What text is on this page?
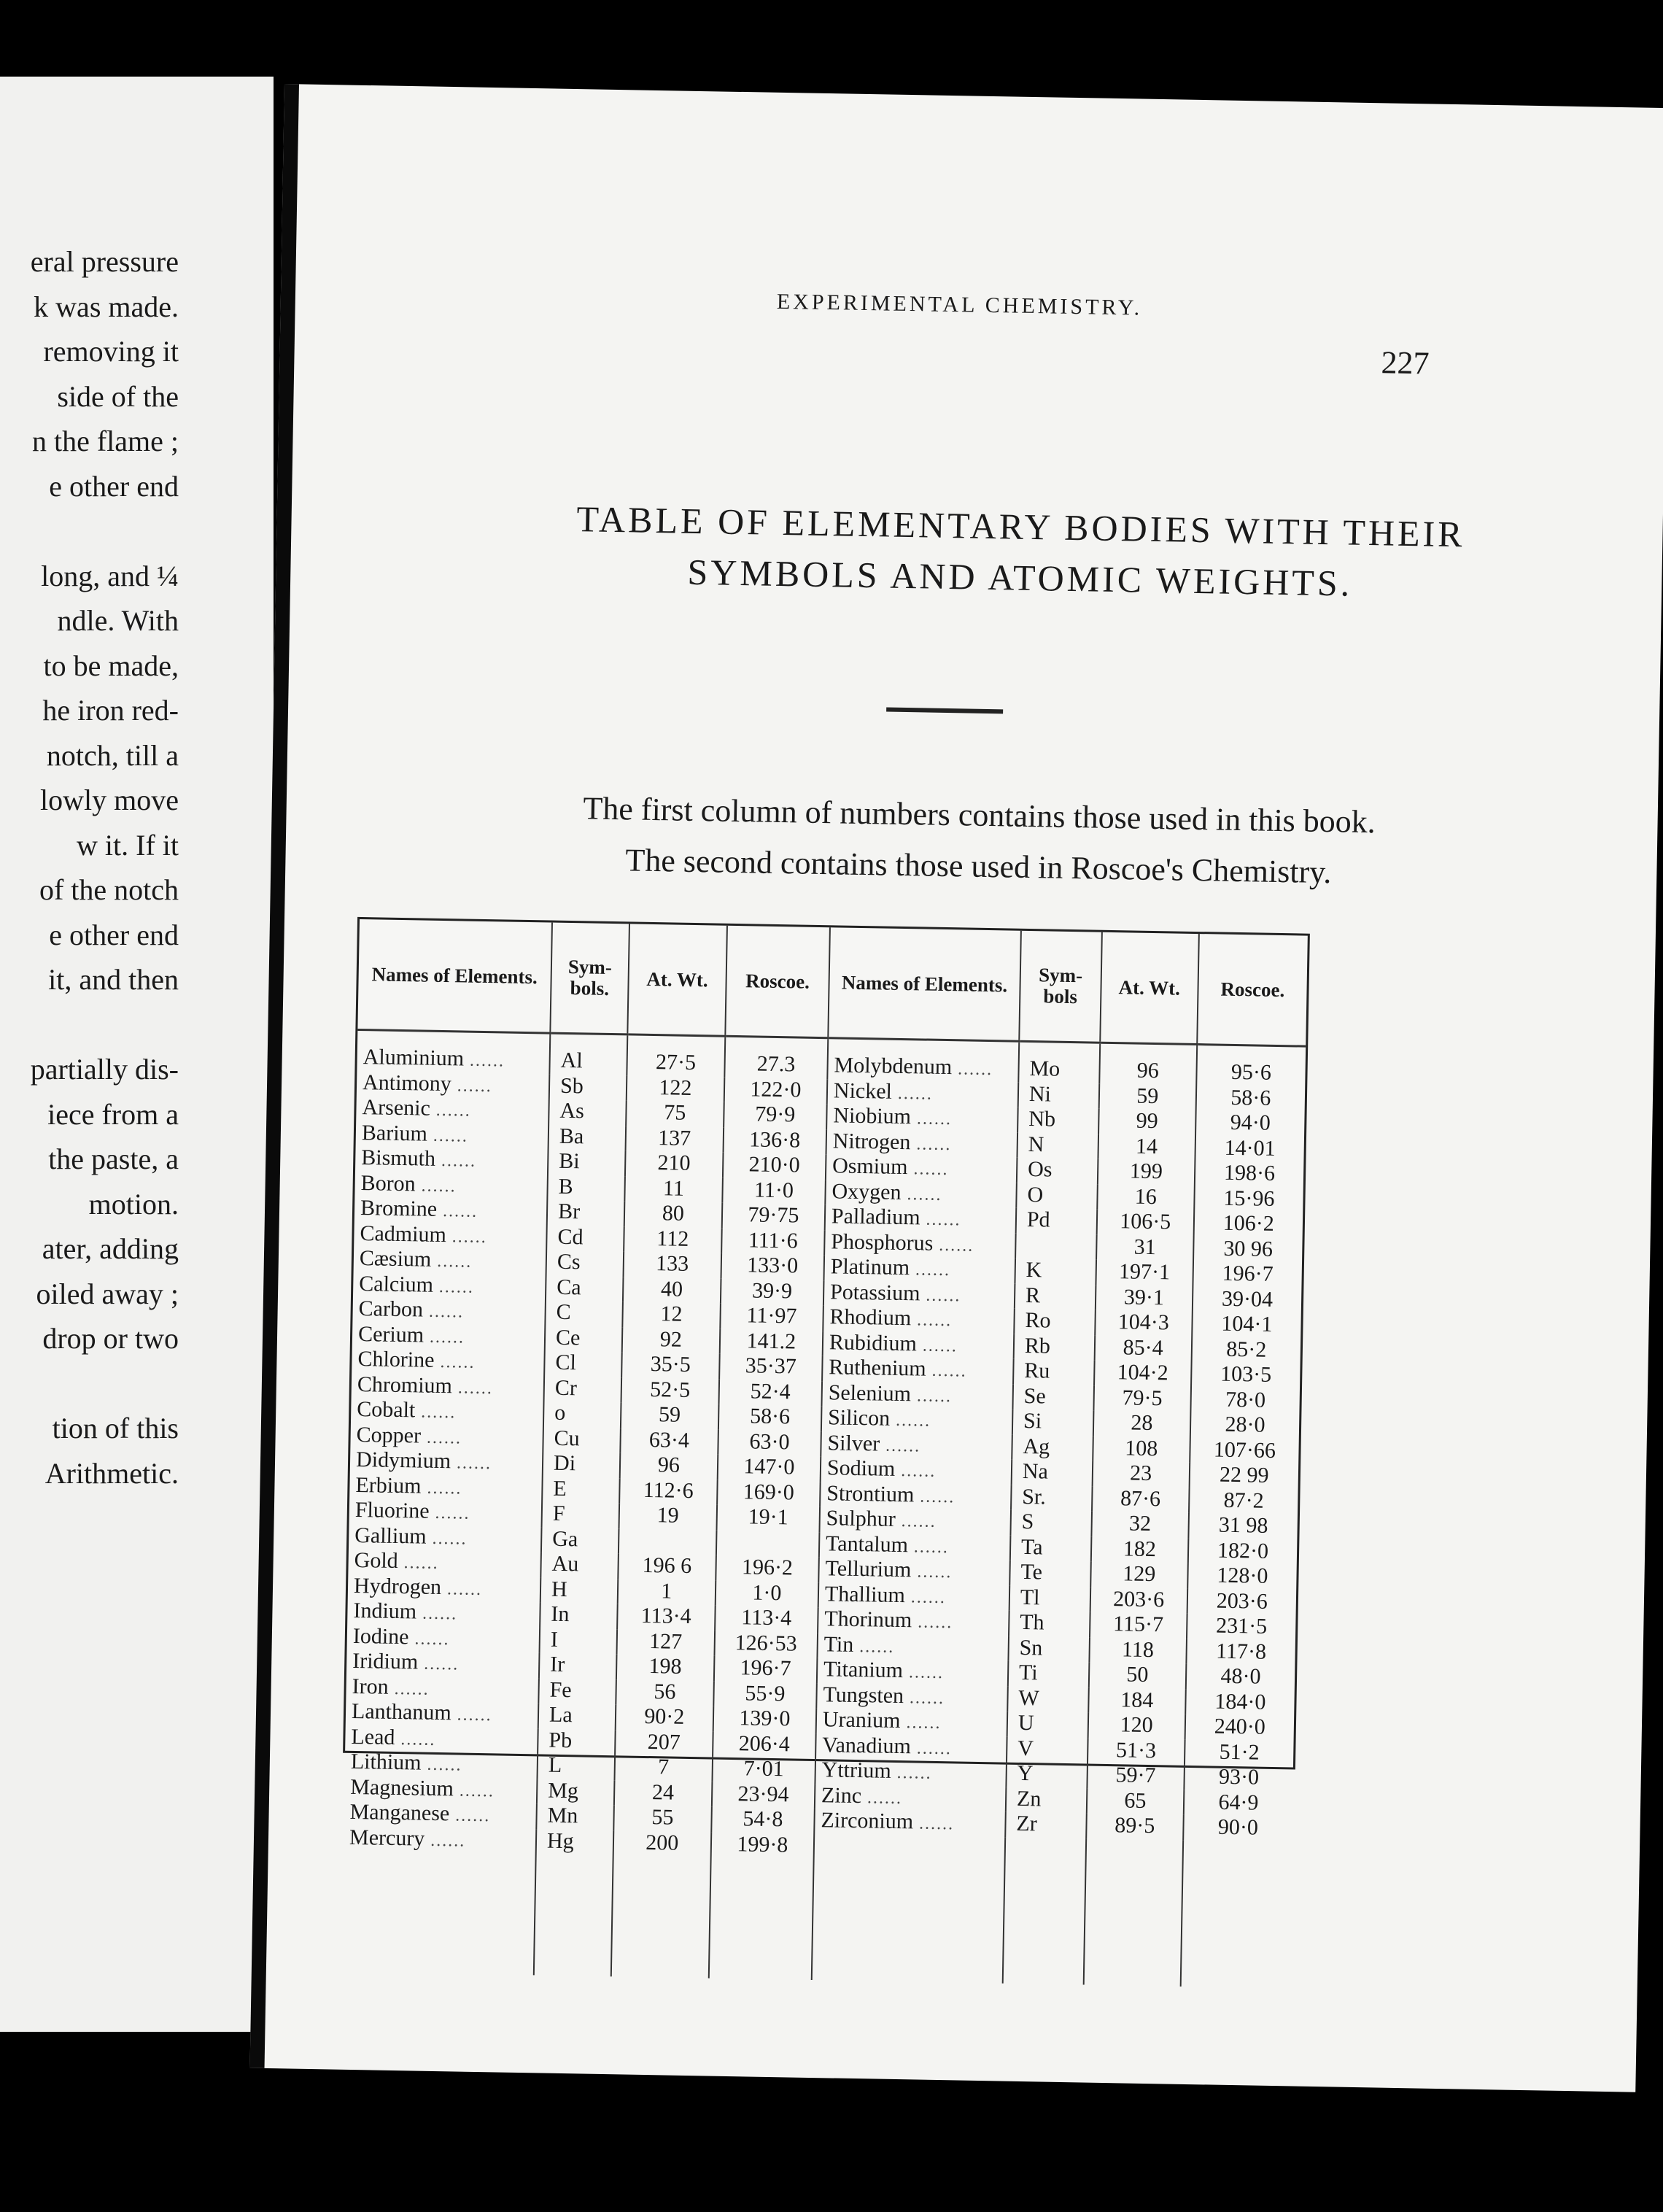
eral pressure
k was made.
removing it
side of the
n the flame ;
e other end
long, and ¼
ndle. With
to be made,
he iron red-
notch, till a
lowly move
w it. If it
of the notch
e other end
it, and then
partially dis-
iece from a
the paste, a
motion.
ater, adding
oiled away ;
drop or two
tion of this
Arithmetic.
EXPERIMENTAL CHEMISTRY.
227
TABLE OF ELEMENTARY BODIES WITH THEIR
SYMBOLS AND ATOMIC WEIGHTS.
The first column of numbers contains those used in this book.
The second contains those used in Roscoe's Chemistry.
Names of Elements.	Sym-bols.	At. Wt.	Roscoe.	Names of Elements.	Sym-bols	At. Wt.	Roscoe.
Aluminium ......	Al	27·5	27.3	Molybdenum ......	Mo	96	95·6
Antimony ......	Sb	122	122·0	Nickel ......	Ni	59	58·6
Arsenic ......	As	75	79·9	Niobium ......	Nb	99	94·0
Barium ......	Ba	137	136·8	Nitrogen ......	N	14	14·01
Bismuth ......	Bi	210	210·0	Osmium ......	Os	199	198·6
Boron ......	B	11	11·0	Oxygen ......	O	16	15·96
Bromine ......	Br	80	79·75	Palladium ......	Pd	106·5	106·2
Cadmium ......	Cd	112	111·6	Phosphorus ......		31	30 96
Cæsium ......	Cs	133	133·0	Platinum ......	K	197·1	196·7
Calcium ......	Ca	40	39·9	Potassium ......	R	39·1	39·04
Carbon ......	C	12	11·97	Rhodium ......	Ro	104·3	104·1
Cerium ......	Ce	92	141.2	Rubidium ......	Rb	85·4	85·2
Chlorine ......	Cl	35·5	35·37	Ruthenium ......	Ru	104·2	103·5
Chromium ......	Cr	52·5	52·4	Selenium ......	Se	79·5	78·0
Cobalt ......	o	59	58·6	Silicon ......	Si	28	28·0
Copper ......	Cu	63·4	63·0	Silver ......	Ag	108	107·66
Didymium ......	Di	96	147·0	Sodium ......	Na	23	22 99
Erbium ......	E	112·6	169·0	Strontium ......	Sr.	87·6	87·2
Fluorine ......	F	19	19·1	Sulphur ......	S	32	31 98
Gallium ......	Ga			Tantalum ......	Ta	182	182·0
Gold ......	Au	196 6	196·2	Tellurium ......	Te	129	128·0
Hydrogen ......	H	1	1·0	Thallium ......	Tl	203·6	203·6
Indium ......	In	113·4	113·4	Thorinum ......	Th	115·7	231·5
Iodine ......	I	127	126·53	Tin ......	Sn	118	117·8
Iridium ......	Ir	198	196·7	Titanium ......	Ti	50	48·0
Iron ......	Fe	56	55·9	Tungsten ......	W	184	184·0
Lanthanum ......	La	90·2	139·0	Uranium ......	U	120	240·0
Lead ......	Pb	207	206·4	Vanadium ......	V	51·3	51·2
Lithium ......	L	7	7·01	Yttrium ......	Y	59·7	93·0
Magnesium ......	Mg	24	23·94	Zinc ......	Zn	65	64·9
Manganese ......	Mn	55	54·8	Zirconium ......	Zr	89·5	90·0
Mercury ......	Hg	200	199·8				
